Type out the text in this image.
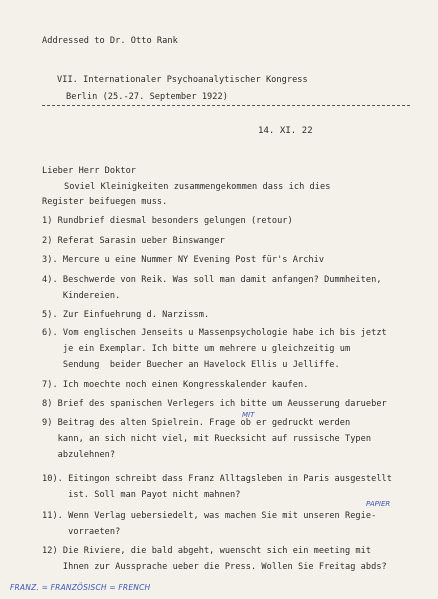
Addressed to Dr. Otto Rank
VII. Internationaler Psychoanalytischer Kongress
Berlin (25.-27. September 1922)
14. XI. 22
Lieber Herr Doktor
Soviel Kleinigkeiten zusammengekommen dass ich dies
Register beifuegen muss.
1) Rundbrief diesmal besonders gelungen (retour)
2) Referat Sarasin ueber Binswanger
3). Mercure u eine Nummer NY Evening Post für's Archiv
4). Beschwerde von Reik. Was soll man damit anfangen? Dummheiten,
Kindereien.
5). Zur Einfuehrung d. Narzissm.
6). Vom englischen Jenseits u Massenpsychologie habe ich bis jetzt
je ein Exemplar. Ich bitte um mehrere u gleichzeitig um
Sendung  beider Buecher an Havelock Ellis u Jelliffe.
7). Ich moechte noch einen Kongresskalender kaufen.
8) Brief des spanischen Verlegers ich bitte um Aeusserung darueber
MIT
9) Beitrag des alten Spielrein. Frage ob er gedruckt werden
kann, an sich nicht viel, mit Ruecksicht auf russische Typen
abzulehnen?
10). Eitingon schreibt dass Franz Alltagsleben in Paris ausgestellt
ist. Soll man Payot nicht mahnen?
PAPIER
11). Wenn Verlag uebersiedelt, was machen Sie mit unseren Regie-
vorraeten?
12) Die Riviere, die bald abgeht, wuenscht sich ein meeting mit
Ihnen zur Aussprache ueber die Press. Wollen Sie Freitag abds?
FRANZ. = FRANZÖSISCH = FRENCH
